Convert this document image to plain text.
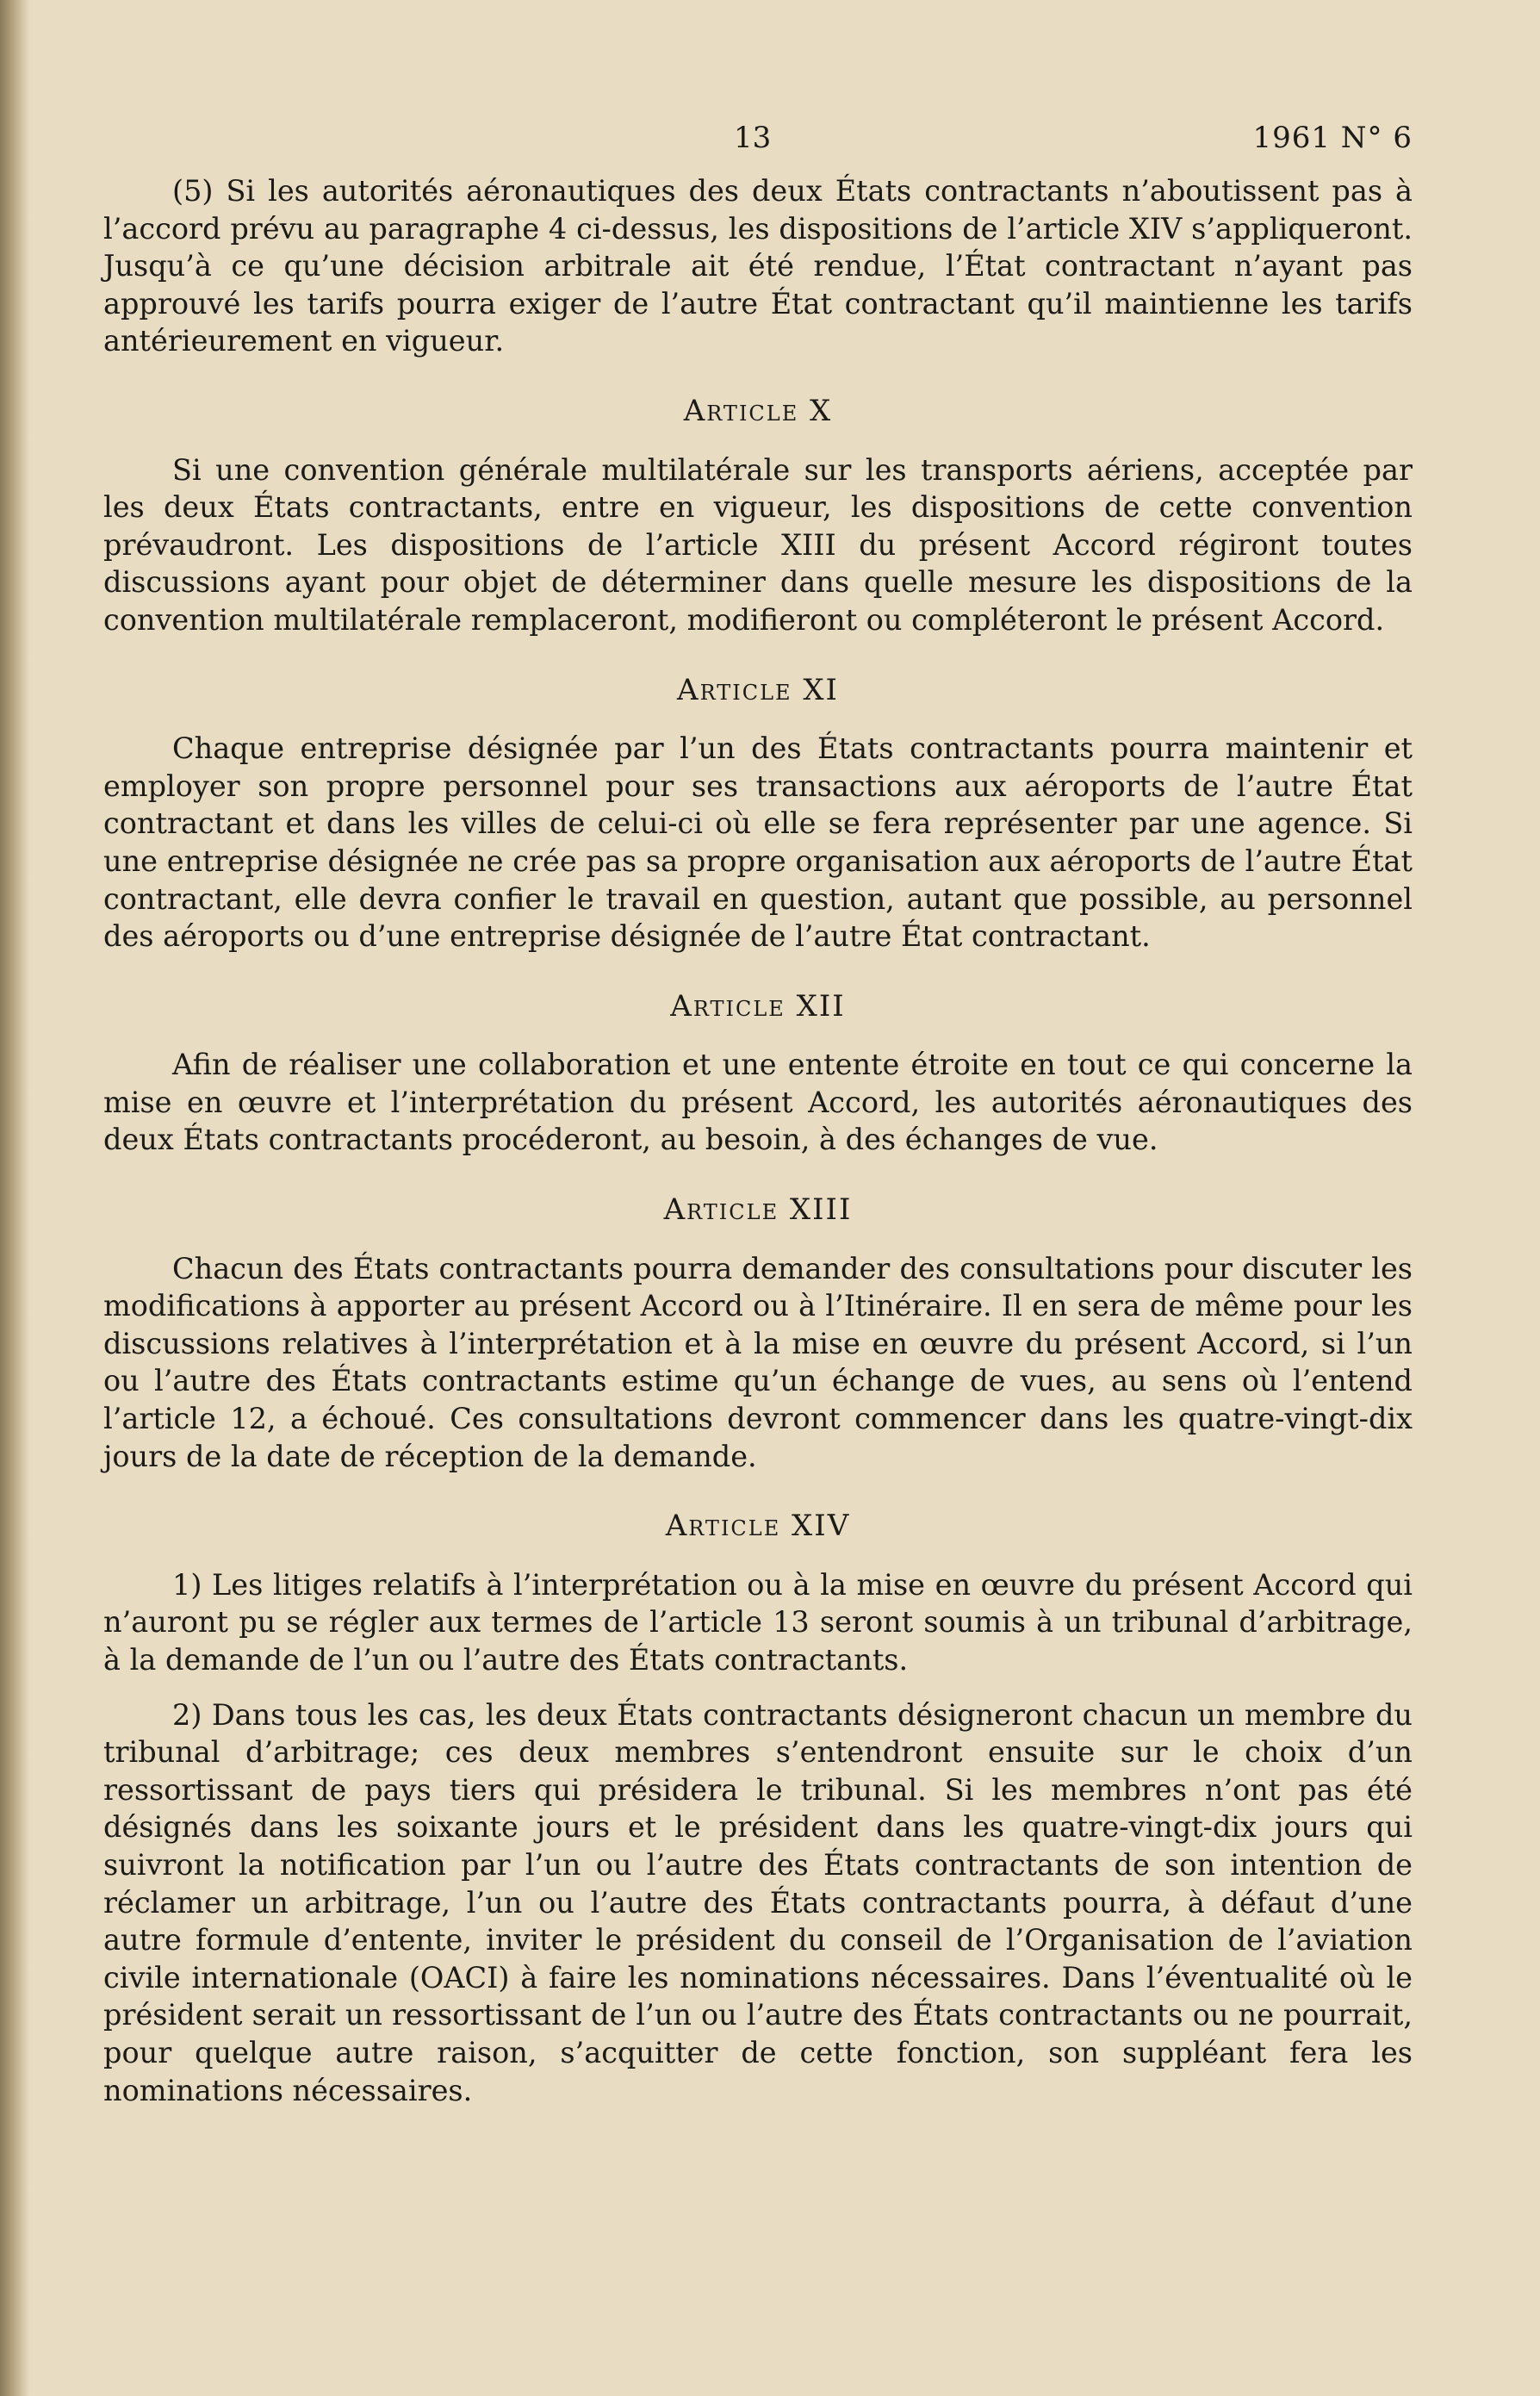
13	1961 N° 6

(5) Si les autorités aéronautiques des deux États contractants n’aboutissent pas à l’accord prévu au paragraphe 4 ci-dessus, les dispositions de l’article XIV s’appliqueront. Jusqu’à ce qu’une décision arbitrale ait été rendue, l’État contractant n’ayant pas approuvé les tarifs pourra exiger de l’autre État contractant qu’il maintienne les tarifs antérieurement en vigueur.

Article X

Si une convention générale multilatérale sur les transports aériens, acceptée par les deux États contractants, entre en vigueur, les dispositions de cette convention prévaudront. Les dispositions de l’article XIII du présent Accord régiront toutes discussions ayant pour objet de déterminer dans quelle mesure les dispositions de la convention multilatérale remplaceront, modifieront ou compléteront le présent Accord.

Article XI

Chaque entreprise désignée par l’un des États contractants pourra maintenir et employer son propre personnel pour ses transactions aux aéroports de l’autre État contractant et dans les villes de celui-ci où elle se fera représenter par une agence. Si une entreprise désignée ne crée pas sa propre organisation aux aéroports de l’autre État contractant, elle devra confier le travail en question, autant que possible, au personnel des aéroports ou d’une entreprise désignée de l’autre État contractant.

Article XII

Afin de réaliser une collaboration et une entente étroite en tout ce qui concerne la mise en œuvre et l’interprétation du présent Accord, les autorités aéronautiques des deux États contractants procéderont, au besoin, à des échanges de vue.

Article XIII

Chacun des États contractants pourra demander des consultations pour discuter les modifications à apporter au présent Accord ou à l’Itinéraire. Il en sera de même pour les discussions relatives à l’interprétation et à la mise en œuvre du présent Accord, si l’un ou l’autre des États contractants estime qu’un échange de vues, au sens où l’entend l’article 12, a échoué. Ces consultations devront commencer dans les quatre-vingt-dix jours de la date de réception de la demande.

Article XIV

1) Les litiges relatifs à l’interprétation ou à la mise en œuvre du présent Accord qui n’auront pu se régler aux termes de l’article 13 seront soumis à un tribunal d’arbitrage, à la demande de l’un ou l’autre des États contractants.

2) Dans tous les cas, les deux États contractants désigneront chacun un membre du tribunal d’arbitrage; ces deux membres s’entendront ensuite sur le choix d’un ressortissant de pays tiers qui présidera le tribunal. Si les membres n’ont pas été désignés dans les soixante jours et le président dans les quatre-vingt-dix jours qui suivront la notification par l’un ou l’autre des États contractants de son intention de réclamer un arbitrage, l’un ou l’autre des États contractants pourra, à défaut d’une autre formule d’entente, inviter le président du conseil de l’Organisation de l’aviation civile internationale (OACI) à faire les nominations nécessaires. Dans l’éventualité où le président serait un ressortissant de l’un ou l’autre des États contractants ou ne pourrait, pour quelque autre raison, s’acquitter de cette fonction, son suppléant fera les nominations nécessaires.
